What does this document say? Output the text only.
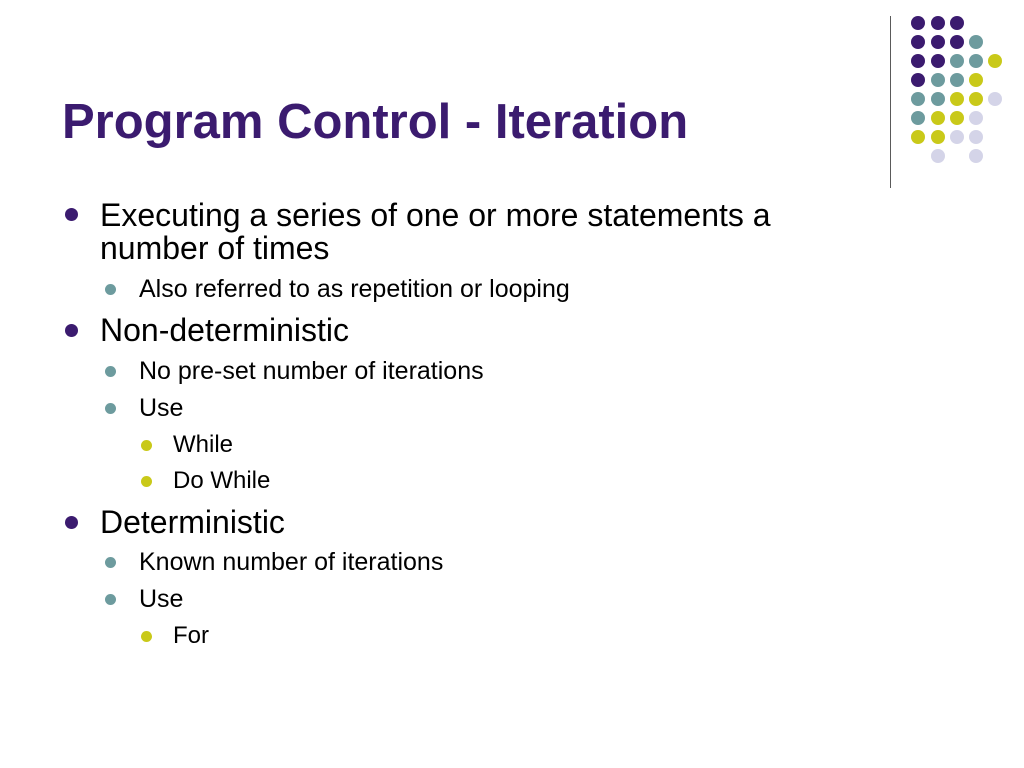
Program Control - Iteration
Executing a series of one or more statements a
number of times
Also referred to as repetition or looping
Non-deterministic
No pre-set number of iterations
Use
While
Do While
Deterministic
Known number of iterations
Use
For
